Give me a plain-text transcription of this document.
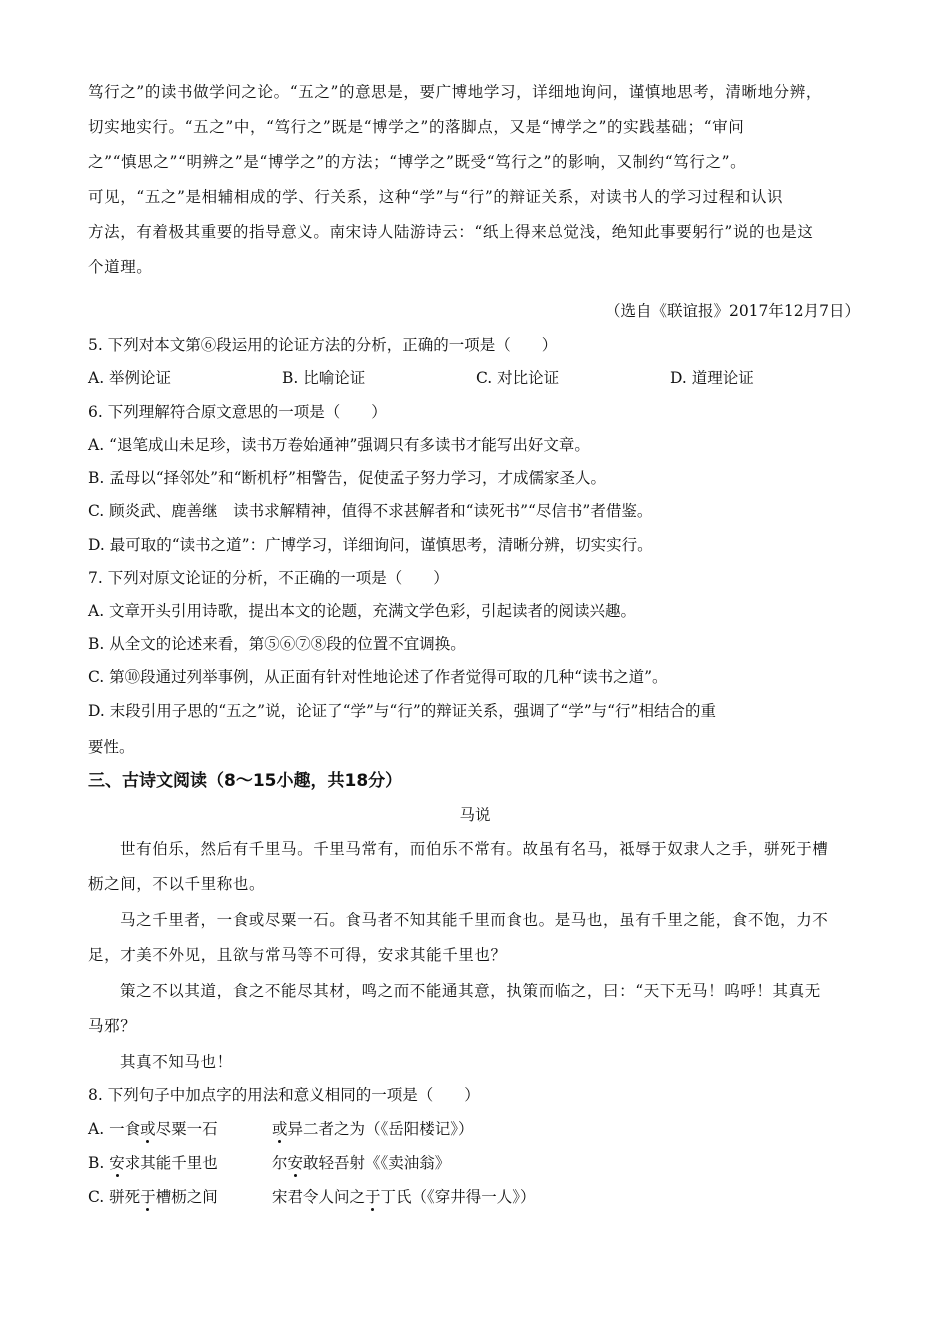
笃行之”的读书做学问之论。“五之”的意思是，要广博地学习，详细地询问，谨慎地思考，清晰地分辨，
切实地实行。“五之”中，“笃行之”既是“博学之”的落脚点，又是“博学之”的实践基础；“审问
之”“慎思之”“明辨之”是“博学之”的方法；“博学之”既受“笃行之”的影响，又制约“笃行之”。
可见，“五之”是相辅相成的学、行关系，这种“学”与“行”的辩证关系，对读书人的学习过程和认识
方法，有着极其重要的指导意义。南宋诗人陆游诗云：“纸上得来总觉浅，绝知此事要躬行”说的也是这
个道理。
（选自《联谊报》2017年12月7日）
5. 下列对本文第⑥段运用的论证方法的分析，正确的一项是（　　）
A. 举例论证	B. 比喻论证	C. 对比论证	D. 道理论证
6. 下列理解符合原文意思的一项是（　　）
A. “退笔成山未足珍，读书万卷始通神”强调只有多读书才能写出好文章。
B. 孟母以“择邻处”和“断机杼”相警告，促使孟子努力学习，才成儒家圣人。
C. 顾炎武、鹿善继　读书求解精神，值得不求甚解者和“读死书”“尽信书”者借鉴。
D. 最可取的“读书之道”：广博学习，详细询问，谨慎思考，清晰分辨，切实实行。
7. 下列对原文论证的分析，不正确的一项是（　　）
A. 文章开头引用诗歌，提出本文的论题，充满文学色彩，引起读者的阅读兴趣。
B. 从全文的论述来看，第⑤⑥⑦⑧段的位置不宜调换。
C. 第⑩段通过列举事例，从正面有针对性地论述了作者觉得可取的几种“读书之道”。
D. 末段引用子思的“五之”说，论证了“学”与“行”的辩证关系，强调了“学”与“行”相结合的重
要性。
三、古诗文阅读（8～15小趣，共18分）
马说
世有伯乐，然后有千里马。千里马常有，而伯乐不常有。故虽有名马，祗辱于奴隶人之手，骈死于槽
枥之间，不以千里称也。
马之千里者，一食或尽粟一石。食马者不知其能千里而食也。是马也，虽有千里之能，食不饱，力不
足，才美不外见，且欲与常马等不可得，安求其能千里也？
策之不以其道，食之不能尽其材，鸣之而不能通其意，执策而临之，曰：“天下无马！呜呼！其真无
马邪？
其真不知马也！
8. 下列句子中加点字的用法和意义相同的一项是（　　）
A. 一食或尽粟一石	或异二者之为（《岳阳楼记》）
B. 安求其能千里也	尔安敢轻吾射《《卖油翁》
C. 骈死于槽枥之间	宋君令人问之于丁氏（《穿井得一人》）
